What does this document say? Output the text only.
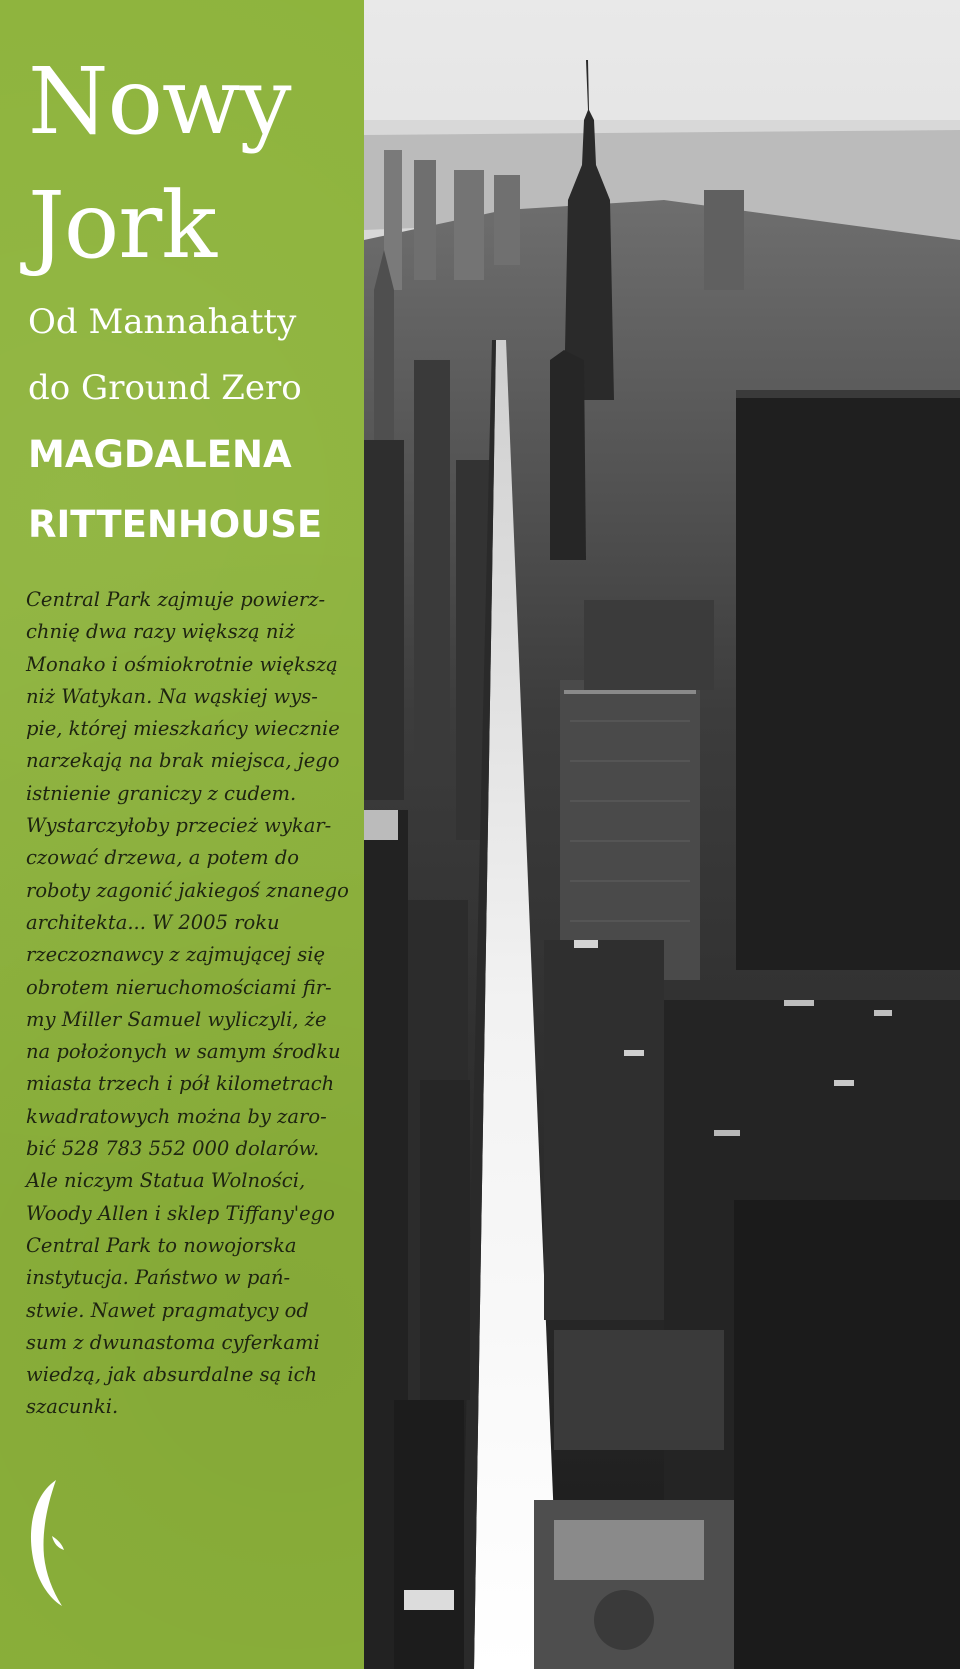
Nowy
Jork
Od Mannahatty
do Ground Zero
MAGDALENA
RITTENHOUSE
Central Park zajmuje powierz-
chnię dwa razy większą niż
Monako i ośmiokrotnie większą
niż Watykan. Na wąskiej wys-
pie, której mieszkańcy wiecznie
narzekają na brak miejsca, jego
istnienie graniczy z cudem.
Wystarczyłoby przecież wykar-
czować drzewa, a potem do
roboty zagonić jakiegoś znanego
architekta... W 2005 roku
rzeczoznawcy z zajmującej się
obrotem nieruchomościami fir-
my Miller Samuel wyliczyli, że
na położonych w samym środku
miasta trzech i pół kilometrach
kwadratowych można by zaro-
bić 528 783 552 000 dolarów.
Ale niczym Statua Wolności,
Woody Allen i sklep Tiffany'ego
Central Park to nowojorska
instytucja. Państwo w pań-
stwie. Nawet pragmatycy od
sum z dwunastoma cyferkami
wiedzą, jak absurdalne są ich
szacunki.
